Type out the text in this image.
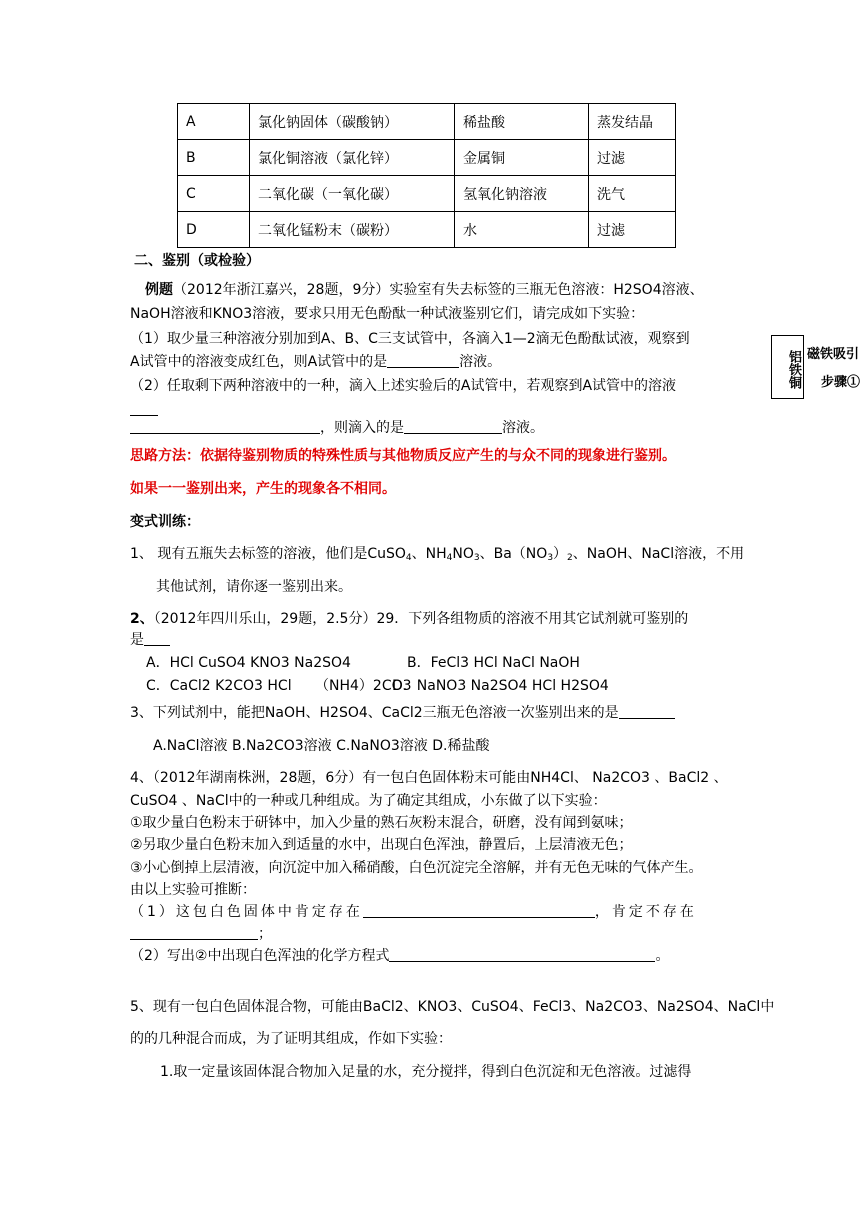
A	氯化钠固体（碳酸钠）	稀盐酸	蒸发结晶
B	氯化铜溶液（氯化锌）	金属铜	过滤
C	二氧化碳（一氧化碳）	氢氧化钠溶液	洗气
D	二氧化锰粉末（碳粉）	水	过滤
二、鉴别（或检验）
例题（2012年浙江嘉兴，28题，9分）实验室有失去标签的三瓶无色溶液：H2SO4溶液、
NaOH溶液和KNO3溶液，要求只用无色酚酞一种试液鉴别它们，请完成如下实验：
（1）取少量三种溶液分别加到A、B、C三支试管中，各滴入1—2滴无色酚酞试液，观察到
A试管中的溶液变成红色，则A试管中的是	溶液。
（2）任取剩下两种溶液中的一种，滴入上述实验后的A试管中，若观察到A试管中的溶液
，则滴入的是	溶液。
思路方法：依据待鉴别物质的特殊性质与其他物质反应产生的与众不同的现象进行鉴别。
如果一一鉴别出来，产生的现象各不相同。
变式训练：
1、 现有五瓶失去标签的溶液，他们是CuSO$_4$、$NH_4NO_3$、$Ba(NO_3)_2$、NaOH、NaCl溶液，不用
其他试剂，请你逐一鉴别出来。
2、（2012年四川乐山，29题，2.5分）29．下列各组物质的溶液不用其它试剂就可鉴别的
是
A．HCl CuSO4 KNO3 Na2SO4	B．FeCl3 HCl NaCl NaOH
C．CaCl2 K2CO3 HCl （NH4）2CO3
D．NaNO3 Na2SO4 HCl H2SO4
3、下列试剂中，能把NaOH、H2SO4、CaCl2三瓶无色溶液一次鉴别出来的是
A.NaCl溶液 B.Na2CO3溶液 C.NaNO3溶液 D.稀盐酸
4、（2012年湖南株洲，28题，6分）有一包白色固体粉末可能由NH4Cl、 Na2CO3 、BaCl2 、
CuSO4 、NaCl中的一种或几种组成。为了确定其组成，小东做了以下实验：
①取少量白色粉末于研钵中，加入少量的熟石灰粉末混合，研磨，没有闻到氨味；
②另取少量白色粉末加入到适量的水中，出现白色浑浊，静置后，上层清液无色；
③小心倒掉上层清液，向沉淀中加入稀硝酸，白色沉淀完全溶解，并有无色无味的气体产生。
由以上实验可推断：
（1）这包白色固体中肯定存在	，肯定不存在
；
（2）写出②中出现白色浑浊的化学方程式	。
5、现有一包白色固体混合物，可能由BaCl2、KNO3、CuSO4、FeCl3、Na2CO3、Na2SO4、NaCl中
的的几种混合而成，为了证明其组成，作如下实验：
1.取一定量该固体混合物加入足量的水，充分搅拌，得到白色沉淀和无色溶液。过滤得
铝铁铜 磁铁吸引
步骤①
